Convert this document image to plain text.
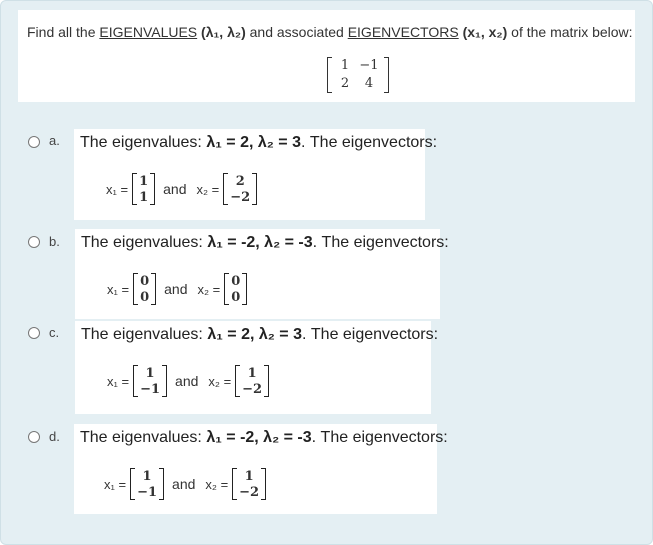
Find all the EIGENVALUES (λ₁, λ₂) and associated EIGENVECTORS (x₁, x₂) of the matrix below:
1 −1
2	4
a. The eigenvalues: λ₁ = 2, λ₂ = 3. The eigenvectors:
x₁ =
1
1 and x₂ =
2
−2
b. The eigenvalues: λ₁ = -2, λ₂ = -3. The eigenvectors:
x₁ =
0
0 and x₂ =
0
0
c. The eigenvalues: λ₁ = 2, λ₂ = 3. The eigenvectors:
x₁ =
1
−1 and x₂ =
1
−2
d. The eigenvalues: λ₁ = -2, λ₂ = -3. The eigenvectors:
x₁ =
1
−1 and x₂ =
1
−2
